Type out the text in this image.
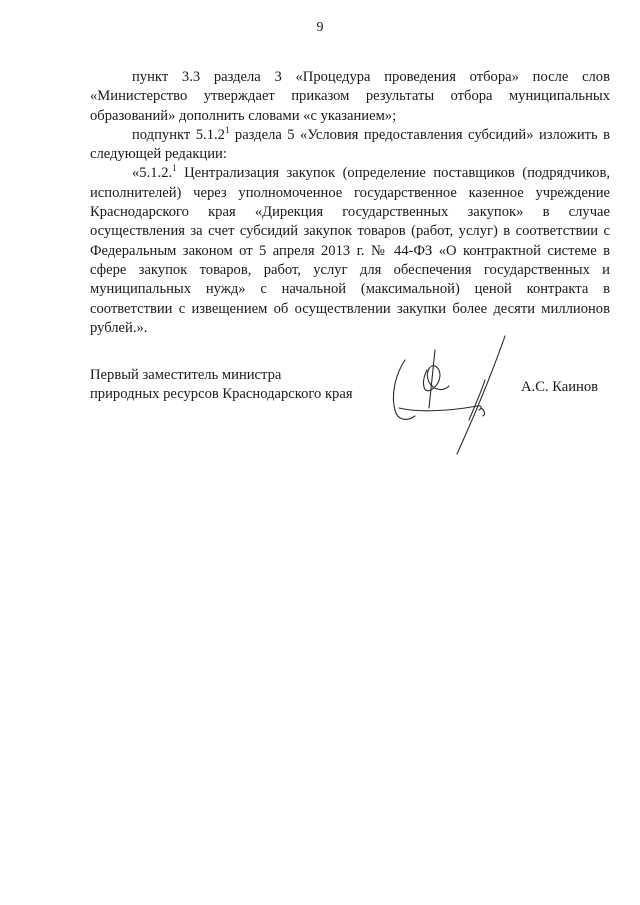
9

пункт 3.3 раздела 3 «Процедура проведения отбора» после слов «Министерство утверждает приказом результаты отбора муниципальных образований» дополнить словами «с указанием»;

подпункт 5.1.2$^1$ раздела 5 «Условия предоставления субсидий» изложить в следующей редакции:

«5.1.2.$^1$ Централизация закупок (определение поставщиков (подрядчиков, исполнителей) через уполномоченное государственное казенное учреждение Краснодарского края «Дирекция государственных закупок» в случае осуществления за счет субсидий закупок товаров (работ, услуг) в соответствии с Федеральным законом от 5 апреля 2013 г. № 44-ФЗ «О контрактной системе в сфере закупок товаров, работ, услуг для обеспечения государственных и муниципальных нужд» с начальной (максимальной) ценой контракта в соответствии с извещением об осуществлении закупки более десяти миллионов рублей.».

Первый заместитель министра
природных ресурсов Краснодарского края	А.С. Каинов
